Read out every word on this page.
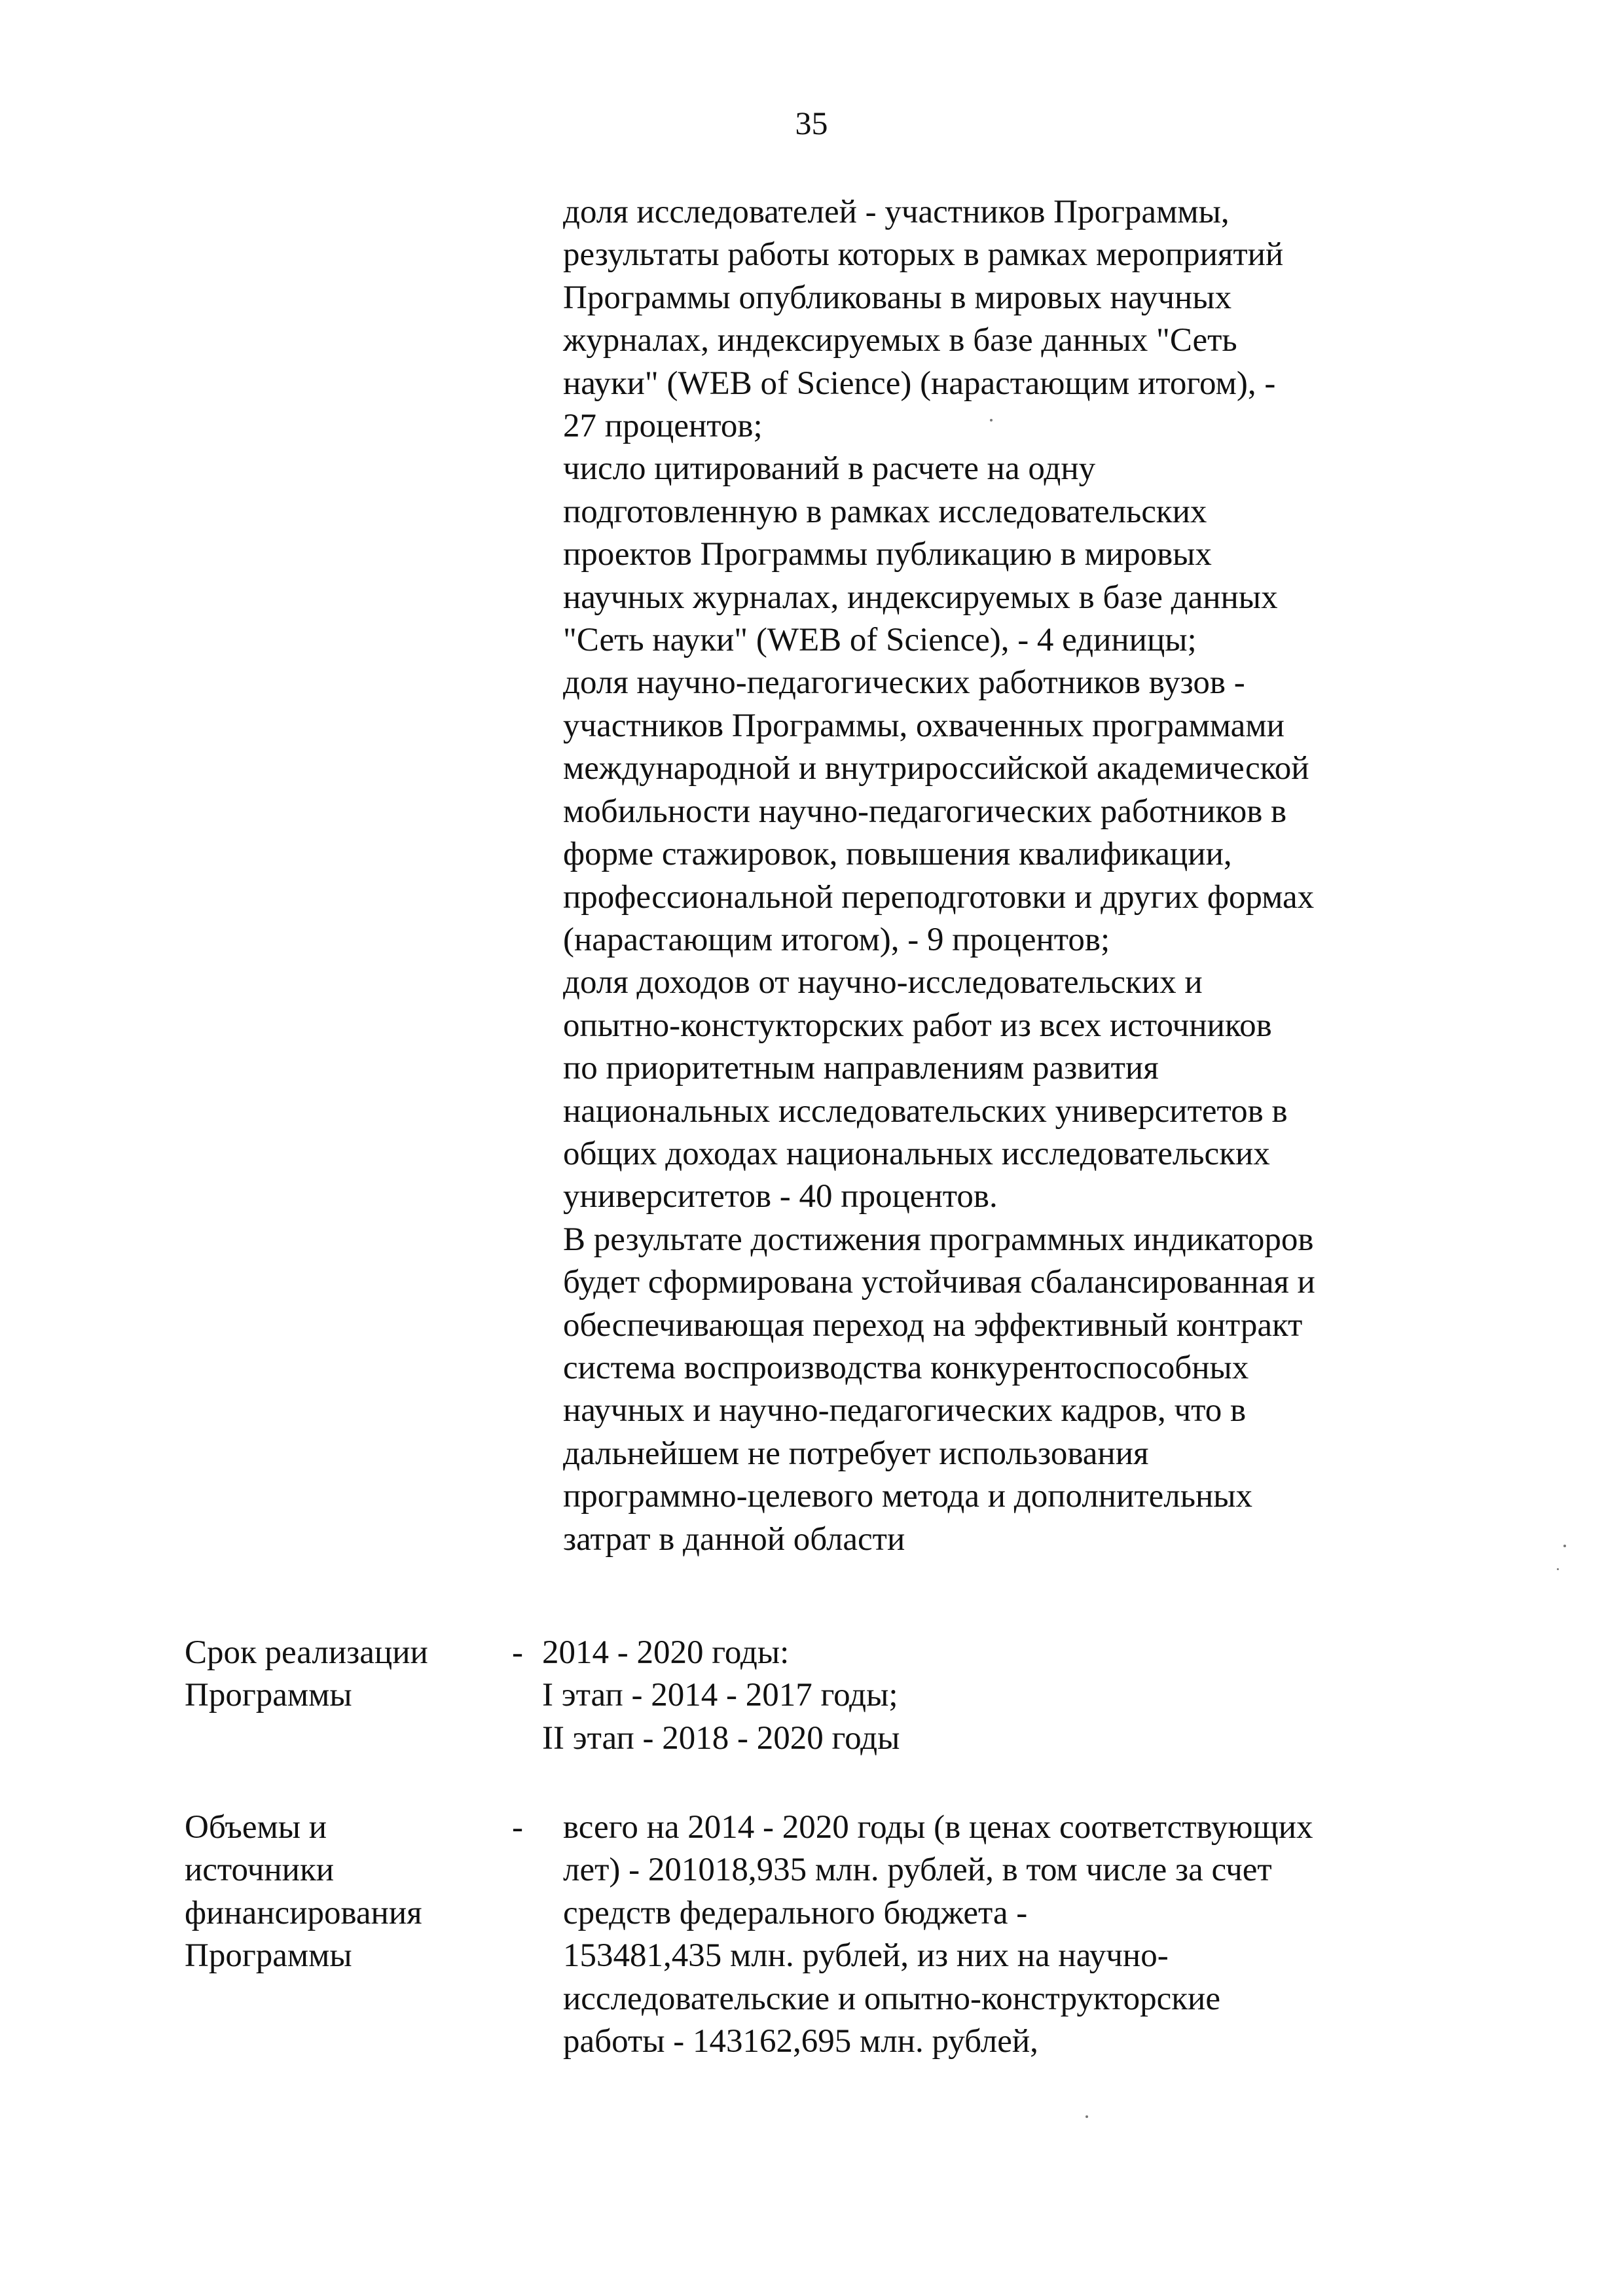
35
доля исследователей - участников Программы,
результаты работы которых в рамках мероприятий
Программы опубликованы в мировых научных
журналах, индексируемых в базе данных "Сеть
науки" (WEB of Science) (нарастающим итогом), -
27 процентов;
число цитирований в расчете на одну
подготовленную в рамках исследовательских
проектов Программы публикацию в мировых
научных журналах, индексируемых в базе данных
"Сеть науки" (WEB of Science), - 4 единицы;
доля научно-педагогических работников вузов -
участников Программы, охваченных программами
международной и внутрироссийской академической
мобильности научно-педагогических работников в
форме стажировок, повышения квалификации,
профессиональной переподготовки и других формах
(нарастающим итогом), - 9 процентов;
доля доходов от научно-исследовательских и
опытно-констукторских работ из всех источников
по приоритетным направлениям развития
национальных исследовательских университетов в
общих доходах национальных исследовательских
университетов - 40 процентов.
В результате достижения программных индикаторов
будет сформирована устойчивая сбалансированная и
обеспечивающая переход на эффективный контракт
система воспроизводства конкурентоспособных
научных и научно-педагогических кадров, что в
дальнейшем не потребует использования
программно-целевого метода и дополнительных
затрат в данной области
Срок реализации
Программы
- 2014 - 2020 годы:
I этап - 2014 - 2017 годы;
II этап - 2018 - 2020 годы
Объемы и
источники
финансирования
Программы
-	всего на 2014 - 2020 годы (в ценах соответствующих
лет) - 201018,935 млн. рублей, в том числе за счет
средств федерального бюджета -
153481,435 млн. рублей, из них на научно-
исследовательские и опытно-конструкторские
работы - 143162,695 млн. рублей,
